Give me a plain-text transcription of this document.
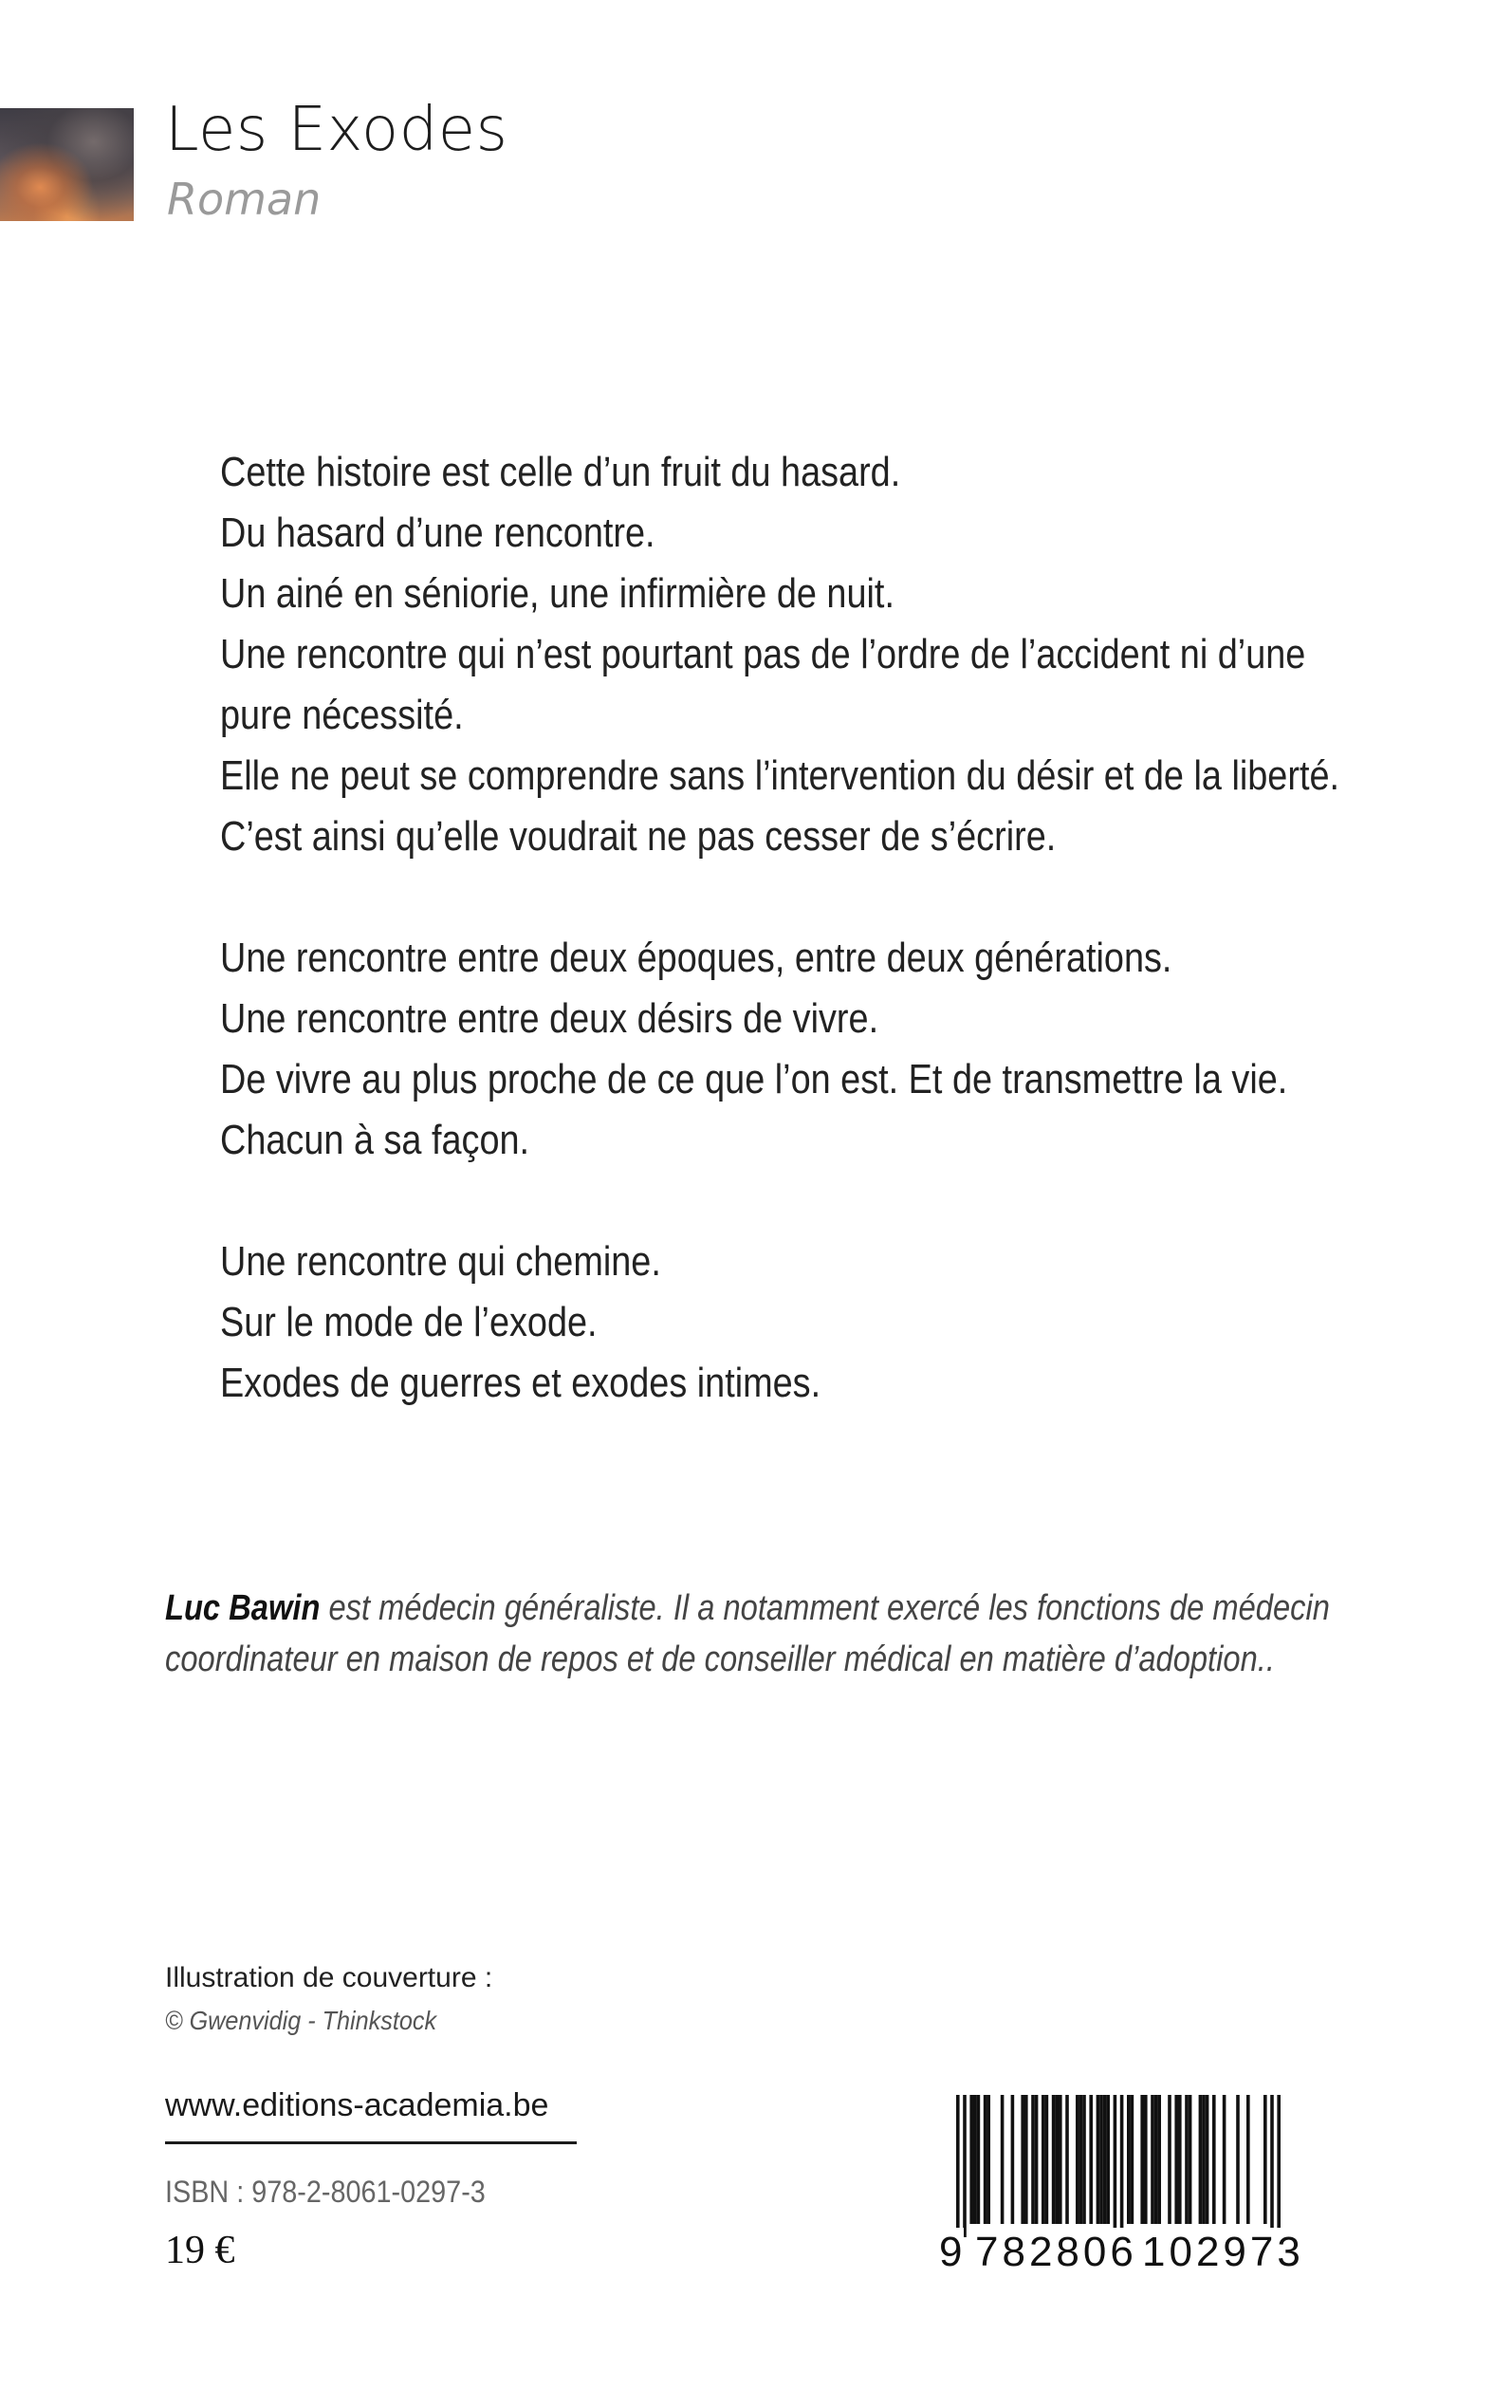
Les Exodes
Roman
Cette histoire est celle d’un fruit du hasard.
Du hasard d’une rencontre.
Un ainé en séniorie, une infirmière de nuit.
Une rencontre qui n’est pourtant pas de l’ordre de l’accident ni d’une
pure nécessité.
Elle ne peut se comprendre sans l’intervention du désir et de la liberté.
C’est ainsi qu’elle voudrait ne pas cesser de s’écrire.
Une rencontre entre deux époques, entre deux générations.
Une rencontre entre deux désirs de vivre.
De vivre au plus proche de ce que l’on est. Et de transmettre la vie.
Chacun à sa façon.
Une rencontre qui chemine.
Sur le mode de l’exode.
Exodes de guerres et exodes intimes.
Luc Bawin est médecin généraliste. Il a notamment exercé les fonctions de médecin
coordinateur en maison de repos et de conseiller médical en matière d’adoption..
Illustration de couverture :
© Gwenvidig - Thinkstock
www.editions-academia.be
ISBN : 978-2-8061-0297-3
19 €	9 782806 102973
